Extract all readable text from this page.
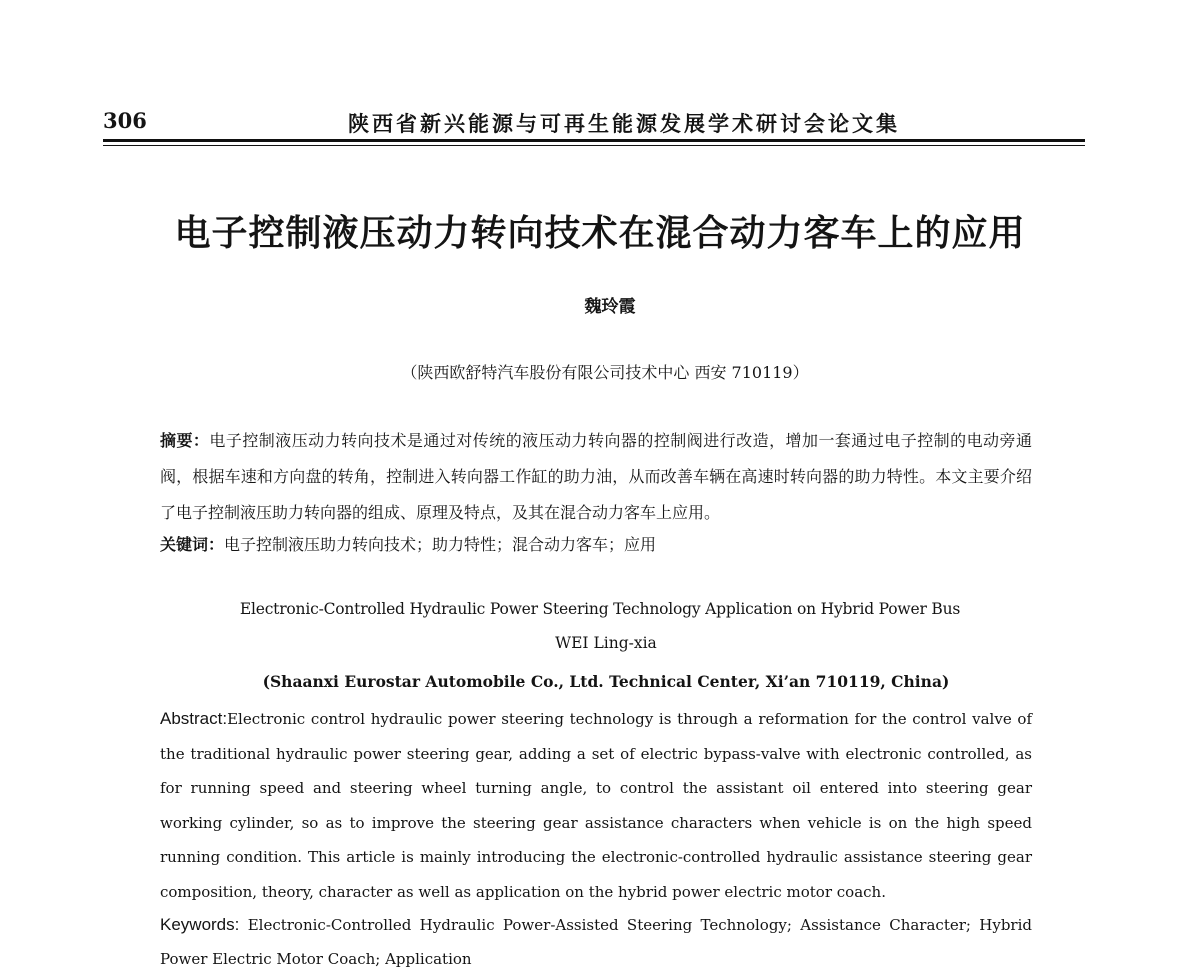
306	陕西省新兴能源与可再生能源发展学术研讨会论文集
电子控制液压动力转向技术在混合动力客车上的应用
魏玲霞
（陕西欧舒特汽车股份有限公司技术中心 西安 710119）
摘要：电子控制液压动力转向技术是通过对传统的液压动力转向器的控制阀进行改造，增加一套通过电子控制的电动旁通阀，根据车速和方向盘的转角，控制进入转向器工作缸的助力油，从而改善车辆在高速时转向器的助力特性。本文主要介绍了电子控制液压助力转向器的组成、原理及特点，及其在混合动力客车上应用。
关键词：电子控制液压助力转向技术；助力特性；混合动力客车；应用
Electronic-Controlled Hydraulic Power Steering Technology Application on Hybrid Power Bus
WEI Ling-xia
(Shaanxi Eurostar Automobile Co., Ltd. Technical Center, Xi’an 710119, China)
Abstract:Electronic control hydraulic power steering technology is through a reformation for the control valve of the traditional hydraulic power steering gear, adding a set of electric bypass-valve with electronic controlled, as for running speed and steering wheel turning angle, to control the assistant oil entered into steering gear working cylinder, so as to improve the steering gear assistance characters when vehicle is on the high speed running condition. This article is mainly introducing the electronic-controlled hydraulic assistance steering gear composition, theory, character as well as application on the hybrid power electric motor coach.
Keywords: Electronic-Controlled Hydraulic Power-Assisted Steering Technology; Assistance Character; Hybrid
Power Electric Motor Coach; Application
